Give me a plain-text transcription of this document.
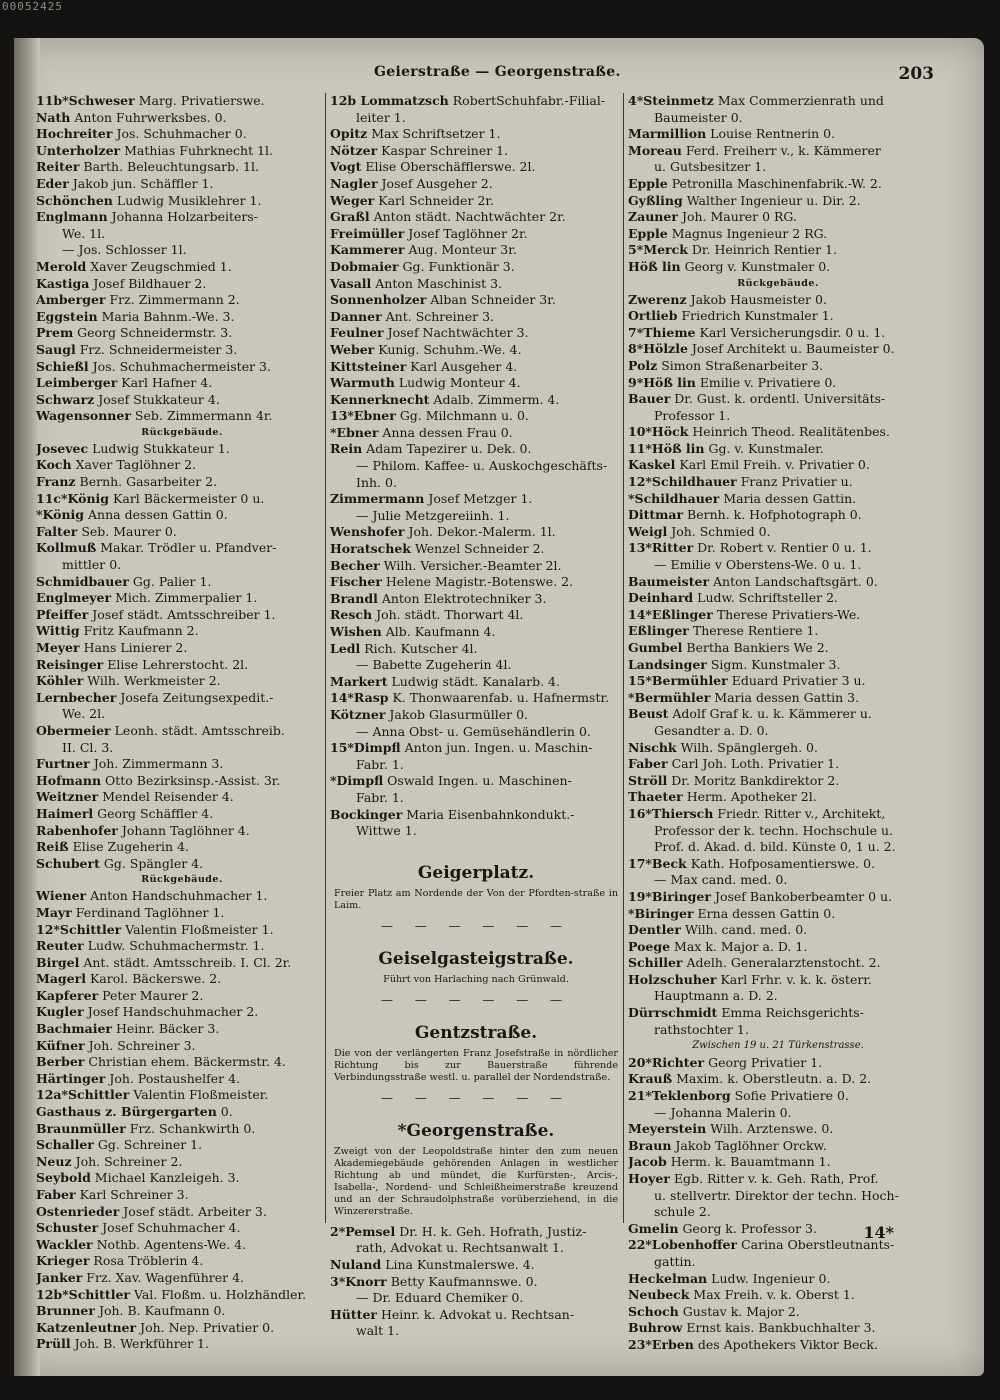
00052425
Geierstraße — Georgenstraße.	203
11b*Schweser Marg. Privatierswe.
Nath Anton Fuhrwerksbes. 0.
Hochreiter Jos. Schuhmacher 0.
Unterholzer Mathias Fuhrknecht 1l.
Reiter Barth. Beleuchtungsarb. 1l.
Eder Jakob jun. Schäffler 1.
Schönchen Ludwig Musiklehrer 1.
Englmann Johanna Holzarbeiters-
We. 1l.
— Jos. Schlosser 1l.
Merold Xaver Zeugschmied 1.
Kastiga Josef Bildhauer 2.
Amberger Frz. Zimmermann 2.
Eggstein Maria Bahnm.-We. 3.
Prem Georg Schneidermstr. 3.
Saugl Frz. Schneidermeister 3.
Schießl Jos. Schuhmachermeister 3.
Leimberger Karl Hafner 4.
Schwarz Josef Stukkateur 4.
Wagensonner Seb. Zimmermann 4r.
Rückgebäude.
Josevec Ludwig Stukkateur 1.
Koch Xaver Taglöhner 2.
Franz Bernh. Gasarbeiter 2.
11c*König Karl Bäckermeister 0 u.
*König Anna dessen Gattin 0.
Falter Seb. Maurer 0.
Kollmuß Makar. Trödler u. Pfandver-
mittler 0.
Schmidbauer Gg. Palier 1.
Englmeyer Mich. Zimmerpalier 1.
Pfeiffer Josef städt. Amtsschreiber 1.
Wittig Fritz Kaufmann 2.
Meyer Hans Linierer 2.
Reisinger Elise Lehrerstocht. 2l.
Köhler Wilh. Werkmeister 2.
Lernbecher Josefa Zeitungsexpedit.-
We. 2l.
Obermeier Leonh. städt. Amtsschreib.
II. Cl. 3.
Furtner Joh. Zimmermann 3.
Hofmann Otto Bezirksinsp.-Assist. 3r.
Weitzner Mendel Reisender 4.
Haimerl Georg Schäffler 4.
Rabenhofer Johann Taglöhner 4.
Reiß Elise Zugeherin 4.
Schubert Gg. Spängler 4.
Rückgebäude.
Wiener Anton Handschuhmacher 1.
Mayr Ferdinand Taglöhner 1.
12*Schittler Valentin Floßmeister 1.
Reuter Ludw. Schuhmachermstr. 1.
Birgel Ant. städt. Amtsschreib. I. Cl. 2r.
Magerl Karol. Bäckerswe. 2.
Kapferer Peter Maurer 2.
Kugler Josef Handschuhmacher 2.
Bachmaier Heinr. Bäcker 3.
Küfner Joh. Schreiner 3.
Berber Christian ehem. Bäckermstr. 4.
Härtinger Joh. Postaushelfer 4.
12a*Schittler Valentin Floßmeister.
Gasthaus z. Bürgergarten 0.
Braunmüller Frz. Schankwirth 0.
Schaller Gg. Schreiner 1.
Neuz Joh. Schreiner 2.
Seybold Michael Kanzleigeh. 3.
Faber Karl Schreiner 3.
Ostenrieder Josef städt. Arbeiter 3.
Schuster Josef Schuhmacher 4.
Wackler Nothb. Agentens-We. 4.
Krieger Rosa Tröblerin 4.
Janker Frz. Xav. Wagenführer 4.
12b*Schittler Val. Floßm. u. Holzhändler.
Brunner Joh. B. Kaufmann 0.
Katzenleutner Joh. Nep. Privatier 0.
Prüll Joh. B. Werkführer 1.
12b Lommatzsch RobertSchuhfabr.-Filial-
leiter 1.
Opitz Max Schriftsetzer 1.
Nötzer Kaspar Schreiner 1.
Vogt Elise Oberschäfflerswe. 2l.
Nagler Josef Ausgeher 2.
Weger Karl Schneider 2r.
Graßl Anton städt. Nachtwächter 2r.
Freimüller Josef Taglöhner 2r.
Kammerer Aug. Monteur 3r.
Dobmaier Gg. Funktionär 3.
Vasall Anton Maschinist 3.
Sonnenholzer Alban Schneider 3r.
Danner Ant. Schreiner 3.
Feulner Josef Nachtwächter 3.
Weber Kunig. Schuhm.-We. 4.
Kittsteiner Karl Ausgeher 4.
Warmuth Ludwig Monteur 4.
Kennerknecht Adalb. Zimmerm. 4.
13*Ebner Gg. Milchmann u. 0.
*Ebner Anna dessen Frau 0.
Rein Adam Tapezirer u. Dek. 0.
— Philom. Kaffee- u. Auskochgeschäfts-
Inh. 0.
Zimmermann Josef Metzger 1.
— Julie Metzgereiinh. 1.
Wenshofer Joh. Dekor.-Malerm. 1l.
Horatschek Wenzel Schneider 2.
Becher Wilh. Versicher.-Beamter 2l.
Fischer Helene Magistr.-Botenswe. 2.
Brandl Anton Elektrotechniker 3.
Resch Joh. städt. Thorwart 4l.
Wishen Alb. Kaufmann 4.
Ledl Rich. Kutscher 4l.
— Babette Zugeherin 4l.
Markert Ludwig städt. Kanalarb. 4.
14*Rasp K. Thonwaarenfab. u. Hafnermstr.
Kötzner Jakob Glasurmüller 0.
— Anna Obst- u. Gemüsehändlerin 0.
15*Dimpfl Anton jun. Ingen. u. Maschin-
Fabr. 1.
*Dimpfl Oswald Ingen. u. Maschinen-
Fabr. 1.
Bockinger Maria Eisenbahnkondukt.-
Wittwe 1.
Geigerplatz.
Freier Platz am Nordende der Von der Pfordten-straße in Laim.
— — — — — —
Geiselgasteigstraße.
Führt von Harlaching nach Grünwald.
— — — — — —
Gentzstraße.
Die von der verlängerten Franz Josefstraße in nördlicher Richtung bis zur Bauerstraße führende Verbindungsstraße westl. u. parallel der Nordendstraße.
— — — — — —
*Georgenstraße.
Zweigt von der Leopoldstraße hinter den zum neuen Akademiegebäude gehörenden Anlagen in westlicher Richtung ab und mündet, die Kurfürsten-, Arcis-, Isabella-, Nordend- und Schleißheimerstraße kreuzend und an der Schraudolphstraße vorüberziehend, in die Winzererstraße.
2*Pemsel Dr. H. k. Geh. Hofrath, Justiz-
rath, Advokat u. Rechtsanwalt 1.
Nuland Lina Kunstmalerswe. 4.
3*Knorr Betty Kaufmannswe. 0.
— Dr. Eduard Chemiker 0.
Hütter Heinr. k. Advokat u. Rechtsan-
walt 1.
4*Steinmetz Max Commerzienrath und
Baumeister 0.
Marmillion Louise Rentnerin 0.
Moreau Ferd. Freiherr v., k. Kämmerer
u. Gutsbesitzer 1.
Epple Petronilla Maschinenfabrik.-W. 2.
Gyßling Walther Ingenieur u. Dir. 2.
Zauner Joh. Maurer 0 RG.
Epple Magnus Ingenieur 2 RG.
5*Merck Dr. Heinrich Rentier 1.
Höß lin Georg v. Kunstmaler 0.
Rückgebäude.
Zwerenz Jakob Hausmeister 0.
Ortlieb Friedrich Kunstmaler 1.
7*Thieme Karl Versicherungsdir. 0 u. 1.
8*Hölzle Josef Architekt u. Baumeister 0.
Polz Simon Straßenarbeiter 3.
9*Höß lin Emilie v. Privatiere 0.
Bauer Dr. Gust. k. ordentl. Universitäts-
Professor 1.
10*Höck Heinrich Theod. Realitätenbes.
11*Höß lin Gg. v. Kunstmaler.
Kaskel Karl Emil Freih. v. Privatier 0.
12*Schildhauer Franz Privatier u.
*Schildhauer Maria dessen Gattin.
Dittmar Bernh. k. Hofphotograph 0.
Weigl Joh. Schmied 0.
13*Ritter Dr. Robert v. Rentier 0 u. 1.
— Emilie v Oberstens-We. 0 u. 1.
Baumeister Anton Landschaftsgärt. 0.
Deinhard Ludw. Schriftsteller 2.
14*Eßlinger Therese Privatiers-We.
Eßlinger Therese Rentiere 1.
Gumbel Bertha Bankiers We 2.
Landsinger Sigm. Kunstmaler 3.
15*Bermühler Eduard Privatier 3 u.
*Bermühler Maria dessen Gattin 3.
Beust Adolf Graf k. u. k. Kämmerer u.
Gesandter a. D. 0.
Nischk Wilh. Spänglergeh. 0.
Faber Carl Joh. Loth. Privatier 1.
Ströll Dr. Moritz Bankdirektor 2.
Thaeter Herm. Apotheker 2l.
16*Thiersch Friedr. Ritter v., Architekt,
Professor der k. techn. Hochschule u.
Prof. d. Akad. d. bild. Künste 0, 1 u. 2.
17*Beck Kath. Hofposamentierswe. 0.
— Max cand. med. 0.
19*Biringer Josef Bankoberbeamter 0 u.
*Biringer Erna dessen Gattin 0.
Dentler Wilh. cand. med. 0.
Poege Max k. Major a. D. 1.
Schiller Adelh. Generalarztenstocht. 2.
Holzschuher Karl Frhr. v. k. k. österr.
Hauptmann a. D. 2.
Dürrschmidt Emma Reichsgerichts-
rathstochter 1.
Zwischen 19 u. 21 Türkenstrasse.
20*Richter Georg Privatier 1.
Krauß Maxim. k. Oberstleutn. a. D. 2.
21*Teklenborg Sofie Privatiere 0.
— Johanna Malerin 0.
Meyerstein Wilh. Arztenswe. 0.
Braun Jakob Taglöhner Orckw.
Jacob Herm. k. Bauamtmann 1.
Hoyer Egb. Ritter v. k. Geh. Rath, Prof.
u. stellvertr. Direktor der techn. Hoch-
schule 2.
Gmelin Georg k. Professor 3.
22*Lobenhoffer Carina Oberstleutnants-
gattin.
Heckelman Ludw. Ingenieur 0.
Neubeck Max Freih. v. k. Oberst 1.
Schoch Gustav k. Major 2.
Buhrow Ernst kais. Bankbuchhalter 3.
23*Erben des Apothekers Viktor Beck.
14*
